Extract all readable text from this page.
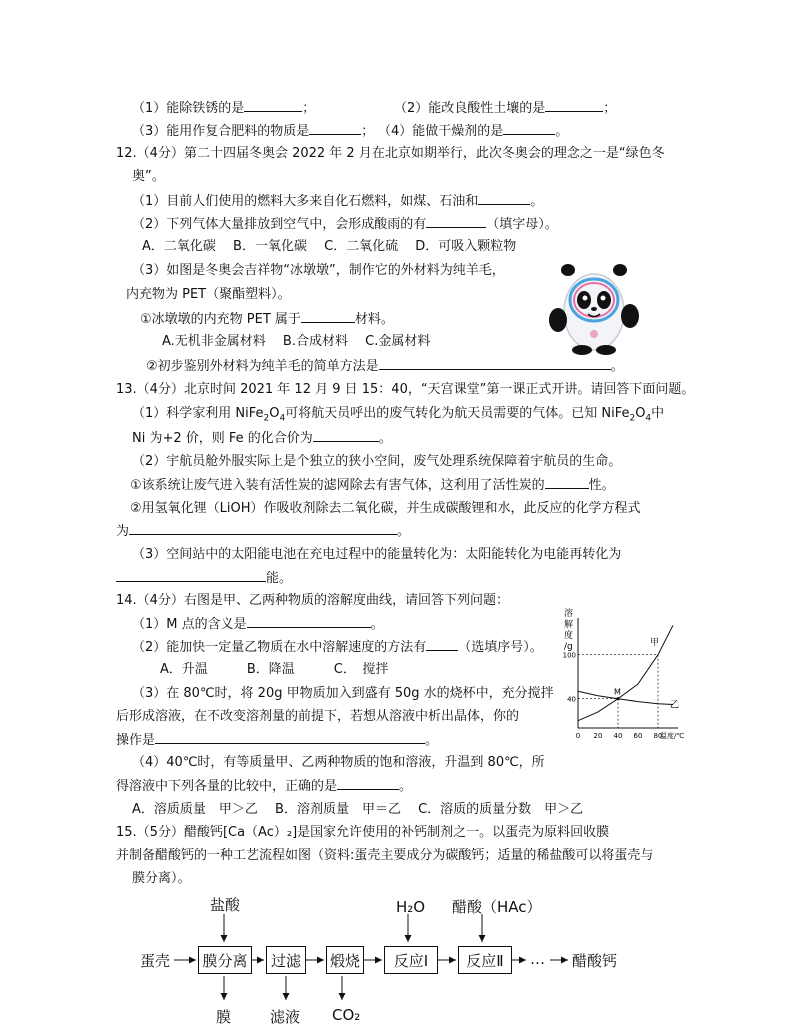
（1）能除铁锈的是	；	（2）能改良酸性土壤的是	；
（3）能用作复合肥料的物质是	； （4）能做干燥剂的是	。
12.（4分）第二十四届冬奥会 2022 年 2 月在北京如期举行，此次冬奥会的理念之一是“绿色冬
奥”。
（1）目前人们使用的燃料大多来自化石燃料，如煤、石油和	。
（2）下列气体大量排放到空气中，会形成酸雨的有	（填字母）。
A．二氧化碳　 B．一氧化碳　 C．二氧化硫　 D．可吸入颗粒物
（3）如图是冬奥会吉祥物“冰墩墩”，制作它的外材料为纯羊毛，
内充物为 PET（聚酯塑料）。
①冰墩墩的内充物 PET 属于	材料。
A.无机非金属材料　 B.合成材料　 C.金属材料
②初步鉴别外材料为纯羊毛的简单方法是	。
13.（4分）北京时间 2021 年 12 月 9 日 15：40，“天宫课堂”第一课正式开讲。请回答下面问题。
（1）科学家利用 $NiFe_2O_4$可将航天员呼出的废气转化为航天员需要的气体。已知 $NiFe_2O_4$中
Ni 为+2 价，则 Fe 的化合价为	。
（2）宇航员舱外服实际上是个独立的狭小空间，废气处理系统保障着宇航员的生命。
①该系统让废气进入装有活性炭的滤网除去有害气体，这利用了活性炭的	性。
②用氢氧化锂（LiOH）作吸收剂除去二氧化碳，并生成碳酸锂和水，此反应的化学方程式
为	。
（3）空间站中的太阳能电池在充电过程中的能量转化为：太阳能转化为电能再转化为
能。
14.（4分）右图是甲、乙两种物质的溶解度曲线，请回答下列问题：
（1）M 点的含义是	。
（2）能加快一定量乙物质在水中溶解速度的方法有 （选填序号）。
A．升温　　　B．降温　　　C．　搅拌
（3）在 80℃时，将 20g 甲物质加入到盛有 50g 水的烧杯中，充分搅拌
后形成溶液，在不改变溶剂量的前提下，若想从溶液中析出晶体，你的
操作是	。
（4）40℃时，有等质量甲、乙两种物质的饱和溶液，升温到 80℃，所
得溶液中下列各量的比较中，正确的是	。
A．溶质质量　甲＞乙　 B．溶剂质量　甲＝乙　 C．溶质的质量分数　甲＞乙
溶
解
度
/g
0 20 40 60 80
40
100
甲
乙
M
温度/℃
15.（5分）醋酸钙[Ca（Ac）₂]是国家允许使用的补钙制剂之一。以蛋壳为原料回收膜
并制备醋酸钙的一种工艺流程如图（资料:蛋壳主要成分为碳酸钙；适量的稀盐酸可以将蛋壳与
膜分离）。
盐酸	H₂O 醋酸（HAc）
蛋壳 膜分离	过滤	煅烧	反应Ⅰ	反应Ⅱ	… 醋酸钙
膜	滤液 CO₂
